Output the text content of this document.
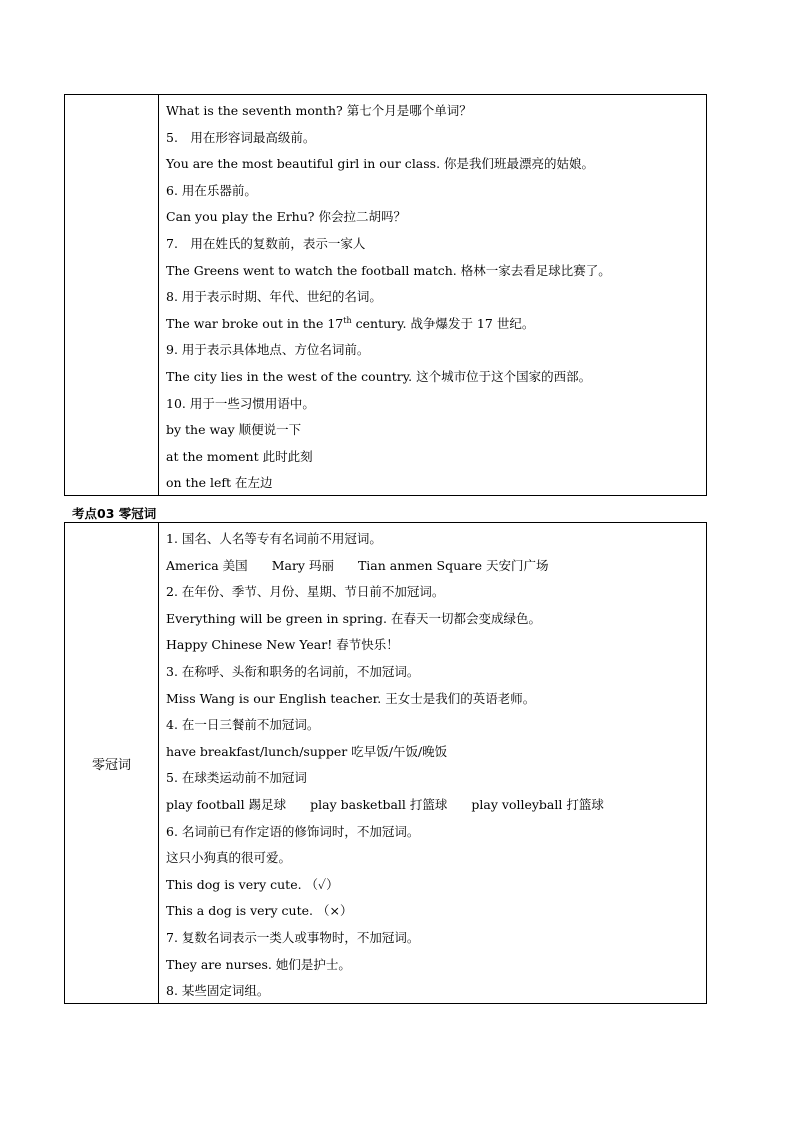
What is the seventh month? 第七个月是哪个单词？
5.　用在形容词最高级前。
You are the most beautiful girl in our class. 你是我们班最漂亮的姑娘。
6. 用在乐器前。
Can you play the Erhu? 你会拉二胡吗？
7.　用在姓氏的复数前，表示一家人
The Greens went to watch the football match. 格林一家去看足球比赛了。
8. 用于表示时期、年代、世纪的名词。
The war broke out in the 17th century. 战争爆发于 17 世纪。
9. 用于表示具体地点、方位名词前。
The city lies in the west of the country. 这个城市位于这个国家的西部。
10. 用于一些习惯用语中。
by the way 顺便说一下
at the moment 此时此刻
on the left 在左边
考点03 零冠词
零冠词
1. 国名、人名等专有名词前不用冠词。
America 美国 Mary 玛丽 Tian anmen Square 天安门广场
2. 在年份、季节、月份、星期、节日前不加冠词。
Everything will be green in spring. 在春天一切都会变成绿色。
Happy Chinese New Year! 春节快乐！
3. 在称呼、头衔和职务的名词前，不加冠词。
Miss Wang is our English teacher. 王女士是我们的英语老师。
4. 在一日三餐前不加冠词。
have breakfast/lunch/supper 吃早饭/午饭/晚饭
5. 在球类运动前不加冠词
play football 踢足球 play basketball 打篮球 play volleyball 打篮球
6. 名词前已有作定语的修饰词时，不加冠词。
这只小狗真的很可爱。
This dog is very cute. （✓）
This a dog is very cute. （×）
7. 复数名词表示一类人或事物时，不加冠词。
They are nurses. 她们是护士。
8. 某些固定词组。
